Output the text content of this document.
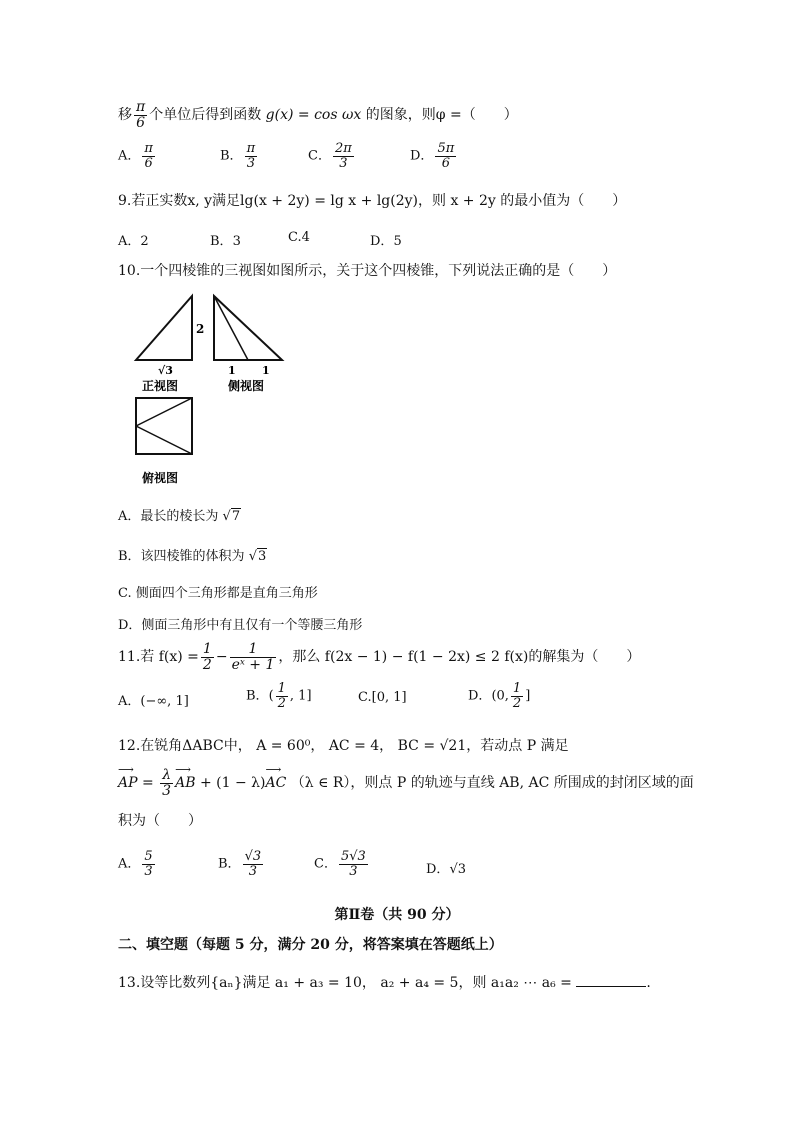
移 $\frac{\pi}{6}$ 个单位后得到函数 g(x) = cos ωx 的图象，则φ =（　　）
A． $\frac{\pi}{6}$	B． $\frac{\pi}{3}$	C． $\frac{2\pi}{3}$	D． $\frac{5\pi}{6}$
9.若正实数x, y满足lg(x + 2y) = lg x + lg(2y)，则 x + 2y 的最小值为（　　）
A．2	B．3	C.4	D．5
10.一个四棱锥的三视图如图所示，关于这个四棱锥，下列说法正确的是（　　）
2
√3
正视图
1 1
侧视图
俯视图
A．最长的棱长为 √7
B．该四棱锥的体积为 √3
C. 侧面四个三角形都是直角三角形
D．侧面三角形中有且仅有一个等腰三角形
11.若 $f(x) = \frac{1}{2} - \frac{1}{\text{eˣ + 1}}$ ，那么 f(2x − 1) − f(1 − 2x) ≤ 2 f(x)的解集为（　　）
A．(−∞, 1]	B．( $\frac{1}{2}$ , 1]	C.[0, 1]	D．(0, $\frac{1}{2}$ ]
12.在锐角ΔABC中， A = 60⁰， AC = 4， BC = √21，若动点 P 满足
⟶ AP = $\frac{\lambda}{3}$
⟶ AB + (1 − λ)⟶ AC （λ ∈ R），则点 P 的轨迹与直线 AB, AC 所围成的封闭区域的面
积为（　　）
A． $\frac{5}{3}$	B． $\frac{√3}{3}$	C． $\frac{5√3}{3}$	D．√3
第Ⅱ卷（共 90 分）
二、填空题（每题 5 分，满分 20 分，将答案填在答题纸上）
13.设等比数列{aₙ}满足 a₁ + a₃ = 10， a₂ + a₄ = 5，则 a₁a₂ ⋯ a₆ =	.
